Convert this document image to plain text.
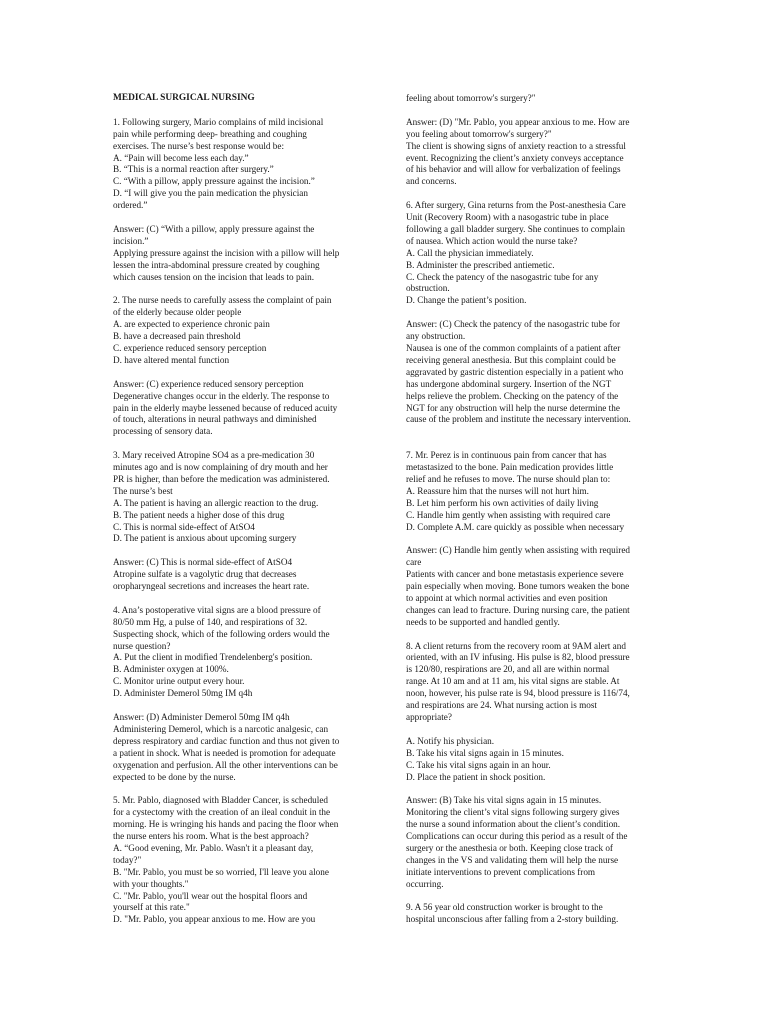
MEDICAL SURGICAL NURSING
1. Following surgery, Mario complains of mild incisional
pain while performing deep- breathing and coughing
exercises. The nurse’s best response would be:
A. “Pain will become less each day.”
B. “This is a normal reaction after surgery.”
C. “With a pillow, apply pressure against the incision.”
D. “I will give you the pain medication the physician
ordered.”
Answer: (C) “With a pillow, apply pressure against the
incision.”
Applying pressure against the incision with a pillow will help
lessen the intra-abdominal pressure created by coughing
which causes tension on the incision that leads to pain.
2. The nurse needs to carefully assess the complaint of pain
of the elderly because older people
A. are expected to experience chronic pain
B. have a decreased pain threshold
C. experience reduced sensory perception
D. have altered mental function
Answer: (C) experience reduced sensory perception
Degenerative changes occur in the elderly. The response to
pain in the elderly maybe lessened because of reduced acuity
of touch, alterations in neural pathways and diminished
processing of sensory data.
3. Mary received Atropine SO4 as a pre-medication 30
minutes ago and is now complaining of dry mouth and her
PR is higher, than before the medication was administered.
The nurse’s best
A. The patient is having an allergic reaction to the drug.
B. The patient needs a higher dose of this drug
C. This is normal side-effect of AtSO4
D. The patient is anxious about upcoming surgery
Answer: (C) This is normal side-effect of AtSO4
Atropine sulfate is a vagolytic drug that decreases
oropharyngeal secretions and increases the heart rate.
4. Ana’s postoperative vital signs are a blood pressure of
80/50 mm Hg, a pulse of 140, and respirations of 32.
Suspecting shock, which of the following orders would the
nurse question?
A. Put the client in modified Trendelenberg's position.
B. Administer oxygen at 100%.
C. Monitor urine output every hour.
D. Administer Demerol 50mg IM q4h
Answer: (D) Administer Demerol 50mg IM q4h
Administering Demerol, which is a narcotic analgesic, can
depress respiratory and cardiac function and thus not given to
a patient in shock. What is needed is promotion for adequate
oxygenation and perfusion. All the other interventions can be
expected to be done by the nurse.
5. Mr. Pablo, diagnosed with Bladder Cancer, is scheduled
for a cystectomy with the creation of an ileal conduit in the
morning. He is wringing his hands and pacing the floor when
the nurse enters his room. What is the best approach?
A. “Good evening, Mr. Pablo. Wasn't it a pleasant day,
today?"
B. "Mr. Pablo, you must be so worried, I'll leave you alone
with your thoughts."
C. "Mr. Pablo, you'll wear out the hospital floors and
yourself at this rate."
D. "Mr. Pablo, you appear anxious to me. How are you
feeling about tomorrow's surgery?"
Answer: (D) "Mr. Pablo, you appear anxious to me. How are
you feeling about tomorrow's surgery?"
The client is showing signs of anxiety reaction to a stressful
event. Recognizing the client’s anxiety conveys acceptance
of his behavior and will allow for verbalization of feelings
and concerns.
6. After surgery, Gina returns from the Post-anesthesia Care
Unit (Recovery Room) with a nasogastric tube in place
following a gall bladder surgery. She continues to complain
of nausea. Which action would the nurse take?
A. Call the physician immediately.
B. Administer the prescribed antiemetic.
C. Check the patency of the nasogastric tube for any
obstruction.
D. Change the patient’s position.
Answer: (C) Check the patency of the nasogastric tube for
any obstruction.
Nausea is one of the common complaints of a patient after
receiving general anesthesia. But this complaint could be
aggravated by gastric distention especially in a patient who
has undergone abdominal surgery. Insertion of the NGT
helps relieve the problem. Checking on the patency of the
NGT for any obstruction will help the nurse determine the
cause of the problem and institute the necessary intervention.
7. Mr. Perez is in continuous pain from cancer that has
metastasized to the bone. Pain medication provides little
relief and he refuses to move. The nurse should plan to:
A. Reassure him that the nurses will not hurt him.
B. Let him perform his own activities of daily living
C. Handle him gently when assisting with required care
D. Complete A.M. care quickly as possible when necessary
Answer: (C) Handle him gently when assisting with required
care
Patients with cancer and bone metastasis experience severe
pain especially when moving. Bone tumors weaken the bone
to appoint at which normal activities and even position
changes can lead to fracture. During nursing care, the patient
needs to be supported and handled gently.
8. A client returns from the recovery room at 9AM alert and
oriented, with an IV infusing. His pulse is 82, blood pressure
is 120/80, respirations are 20, and all are within normal
range. At 10 am and at 11 am, his vital signs are stable. At
noon, however, his pulse rate is 94, blood pressure is 116/74,
and respirations are 24. What nursing action is most
appropriate?
A. Notify his physician.
B. Take his vital signs again in 15 minutes.
C. Take his vital signs again in an hour.
D. Place the patient in shock position.
Answer: (B) Take his vital signs again in 15 minutes.
Monitoring the client’s vital signs following surgery gives
the nurse a sound information about the client’s condition.
Complications can occur during this period as a result of the
surgery or the anesthesia or both. Keeping close track of
changes in the VS and validating them will help the nurse
initiate interventions to prevent complications from
occurring.
9. A 56 year old construction worker is brought to the
hospital unconscious after falling from a 2-story building.
